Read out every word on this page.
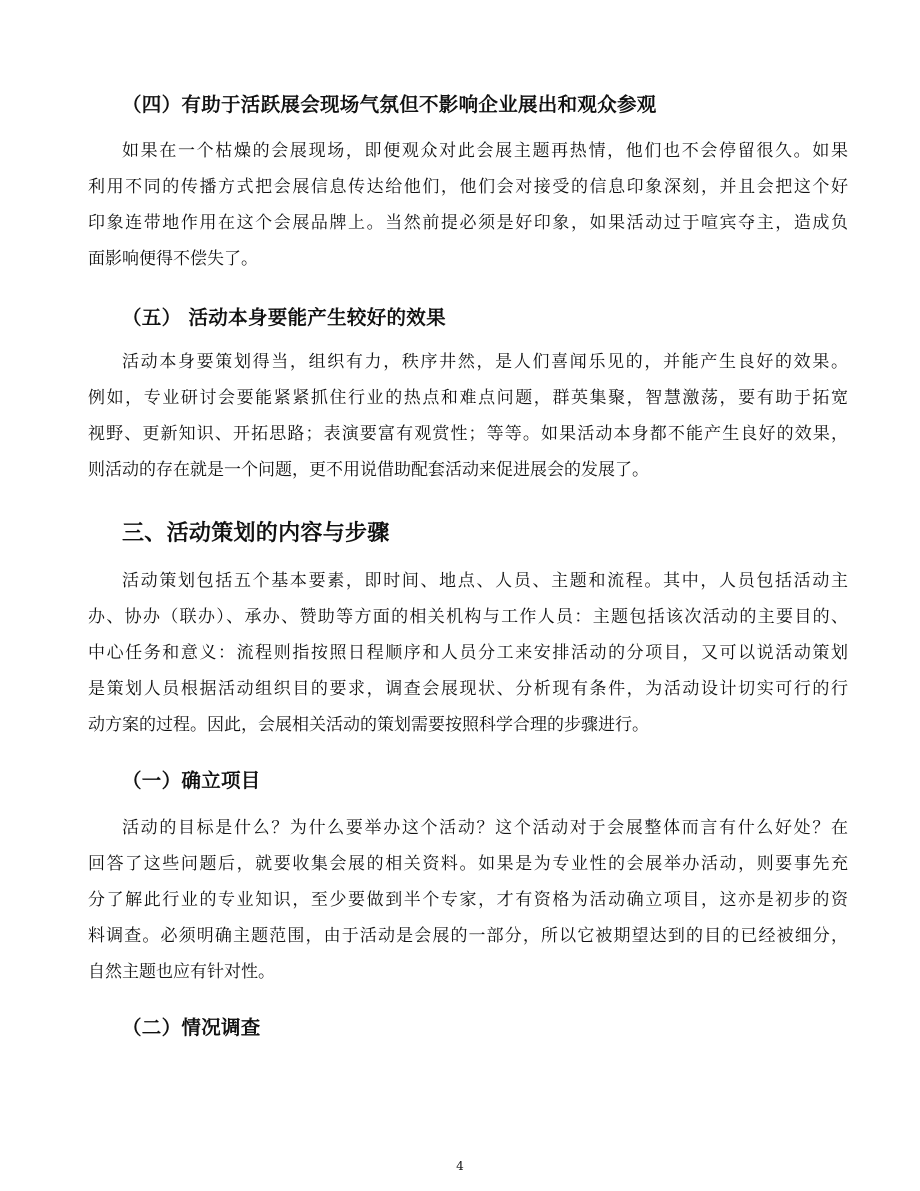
（四）有助于活跃展会现场气氛但不影响企业展出和观众参观
如果在一个枯燥的会展现场，即便观众对此会展主题再热情，他们也不会停留很久。如果
利用不同的传播方式把会展信息传达给他们，他们会对接受的信息印象深刻，并且会把这个好
印象连带地作用在这个会展品牌上。当然前提必须是好印象，如果活动过于喧宾夺主，造成负
面影响便得不偿失了。
（五） 活动本身要能产生较好的效果
活动本身要策划得当，组织有力，秩序井然，是人们喜闻乐见的，并能产生良好的效果。
例如，专业研讨会要能紧紧抓住行业的热点和难点问题，群英集聚，智慧激荡，要有助于拓宽
视野、更新知识、开拓思路；表演要富有观赏性；等等。如果活动本身都不能产生良好的效果，
则活动的存在就是一个问题，更不用说借助配套活动来促进展会的发展了。
三、活动策划的内容与步骤
活动策划包括五个基本要素，即时间、地点、人员、主题和流程。其中，人员包括活动主
办、协办（联办）、承办、赞助等方面的相关机构与工作人员：主题包括该次活动的主要目的、
中心任务和意义：流程则指按照日程顺序和人员分工来安排活动的分项目，又可以说活动策划
是策划人员根据活动组织目的要求，调查会展现状、分析现有条件，为活动设计切实可行的行
动方案的过程。因此，会展相关活动的策划需要按照科学合理的步骤进行。
（一）确立项目
活动的目标是什么？为什么要举办这个活动？这个活动对于会展整体而言有什么好处？在
回答了这些问题后，就要收集会展的相关资料。如果是为专业性的会展举办活动，则要事先充
分了解此行业的专业知识，至少要做到半个专家，才有资格为活动确立项目，这亦是初步的资
料调查。必须明确主题范围，由于活动是会展的一部分，所以它被期望达到的目的已经被细分，
自然主题也应有针对性。
（二）情况调查
4
